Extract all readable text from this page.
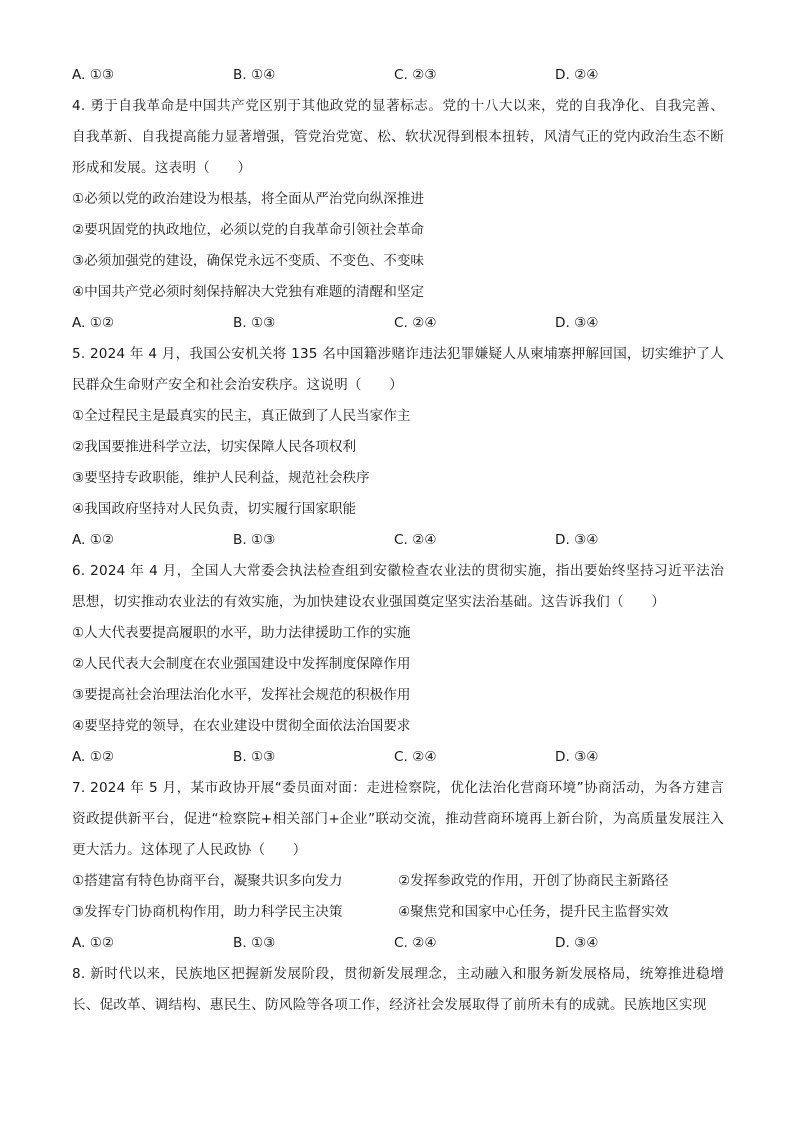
A. ①③	B. ①④	C. ②③	D. ②④
4. 勇于自我革命是中国共产党区别于其他政党的显著标志。党的十八大以来，党的自我净化、自我完善、自我革新、自我提高能力显著增强，管党治党宽、松、软状况得到根本扭转，风清气正的党内政治生态不断形成和发展。这表明（　　）
①必须以党的政治建设为根基，将全面从严治党向纵深推进
②要巩固党的执政地位，必须以党的自我革命引领社会革命
③必须加强党的建设，确保党永远不变质、不变色、不变味
④中国共产党必须时刻保持解决大党独有难题的清醒和坚定
A. ①②	B. ①③	C. ②④	D. ③④
5. 2024 年 4 月，我国公安机关将 135 名中国籍涉赌诈违法犯罪嫌疑人从柬埔寨押解回国，切实维护了人民群众生命财产安全和社会治安秩序。这说明（　　）
①全过程民主是最真实的民主，真正做到了人民当家作主
②我国要推进科学立法，切实保障人民各项权利
③要坚持专政职能，维护人民利益，规范社会秩序
④我国政府坚持对人民负责，切实履行国家职能
A. ①②	B. ①③	C. ②④	D. ③④
6. 2024 年 4 月，全国人大常委会执法检查组到安徽检查农业法的贯彻实施，指出要始终坚持习近平法治思想，切实推动农业法的有效实施，为加快建设农业强国奠定坚实法治基础。这告诉我们（　　）
①人大代表要提高履职的水平，助力法律援助工作的实施
②人民代表大会制度在农业强国建设中发挥制度保障作用
③要提高社会治理法治化水平，发挥社会规范的积极作用
④要坚持党的领导，在农业建设中贯彻全面依法治国要求
A. ①②	B. ①③	C. ②④	D. ③④
7. 2024 年 5 月，某市政协开展“委员面对面：走进检察院，优化法治化营商环境”协商活动，为各方建言资政提供新平台，促进“检察院+相关部门+企业”联动交流，推动营商环境再上新台阶，为高质量发展注入更大活力。这体现了人民政协（　　）
①搭建富有特色协商平台，凝聚共识多向发力	②发挥参政党的作用，开创了协商民主新路径
③发挥专门协商机构作用，助力科学民主决策	④聚焦党和国家中心任务，提升民主监督实效
A. ①②	B. ①③	C. ②④	D. ③④
8. 新时代以来，民族地区把握新发展阶段，贯彻新发展理念，主动融入和服务新发展格局，统筹推进稳增长、促改革、调结构、惠民生、防风险等各项工作，经济社会发展取得了前所未有的成就。民族地区实现
